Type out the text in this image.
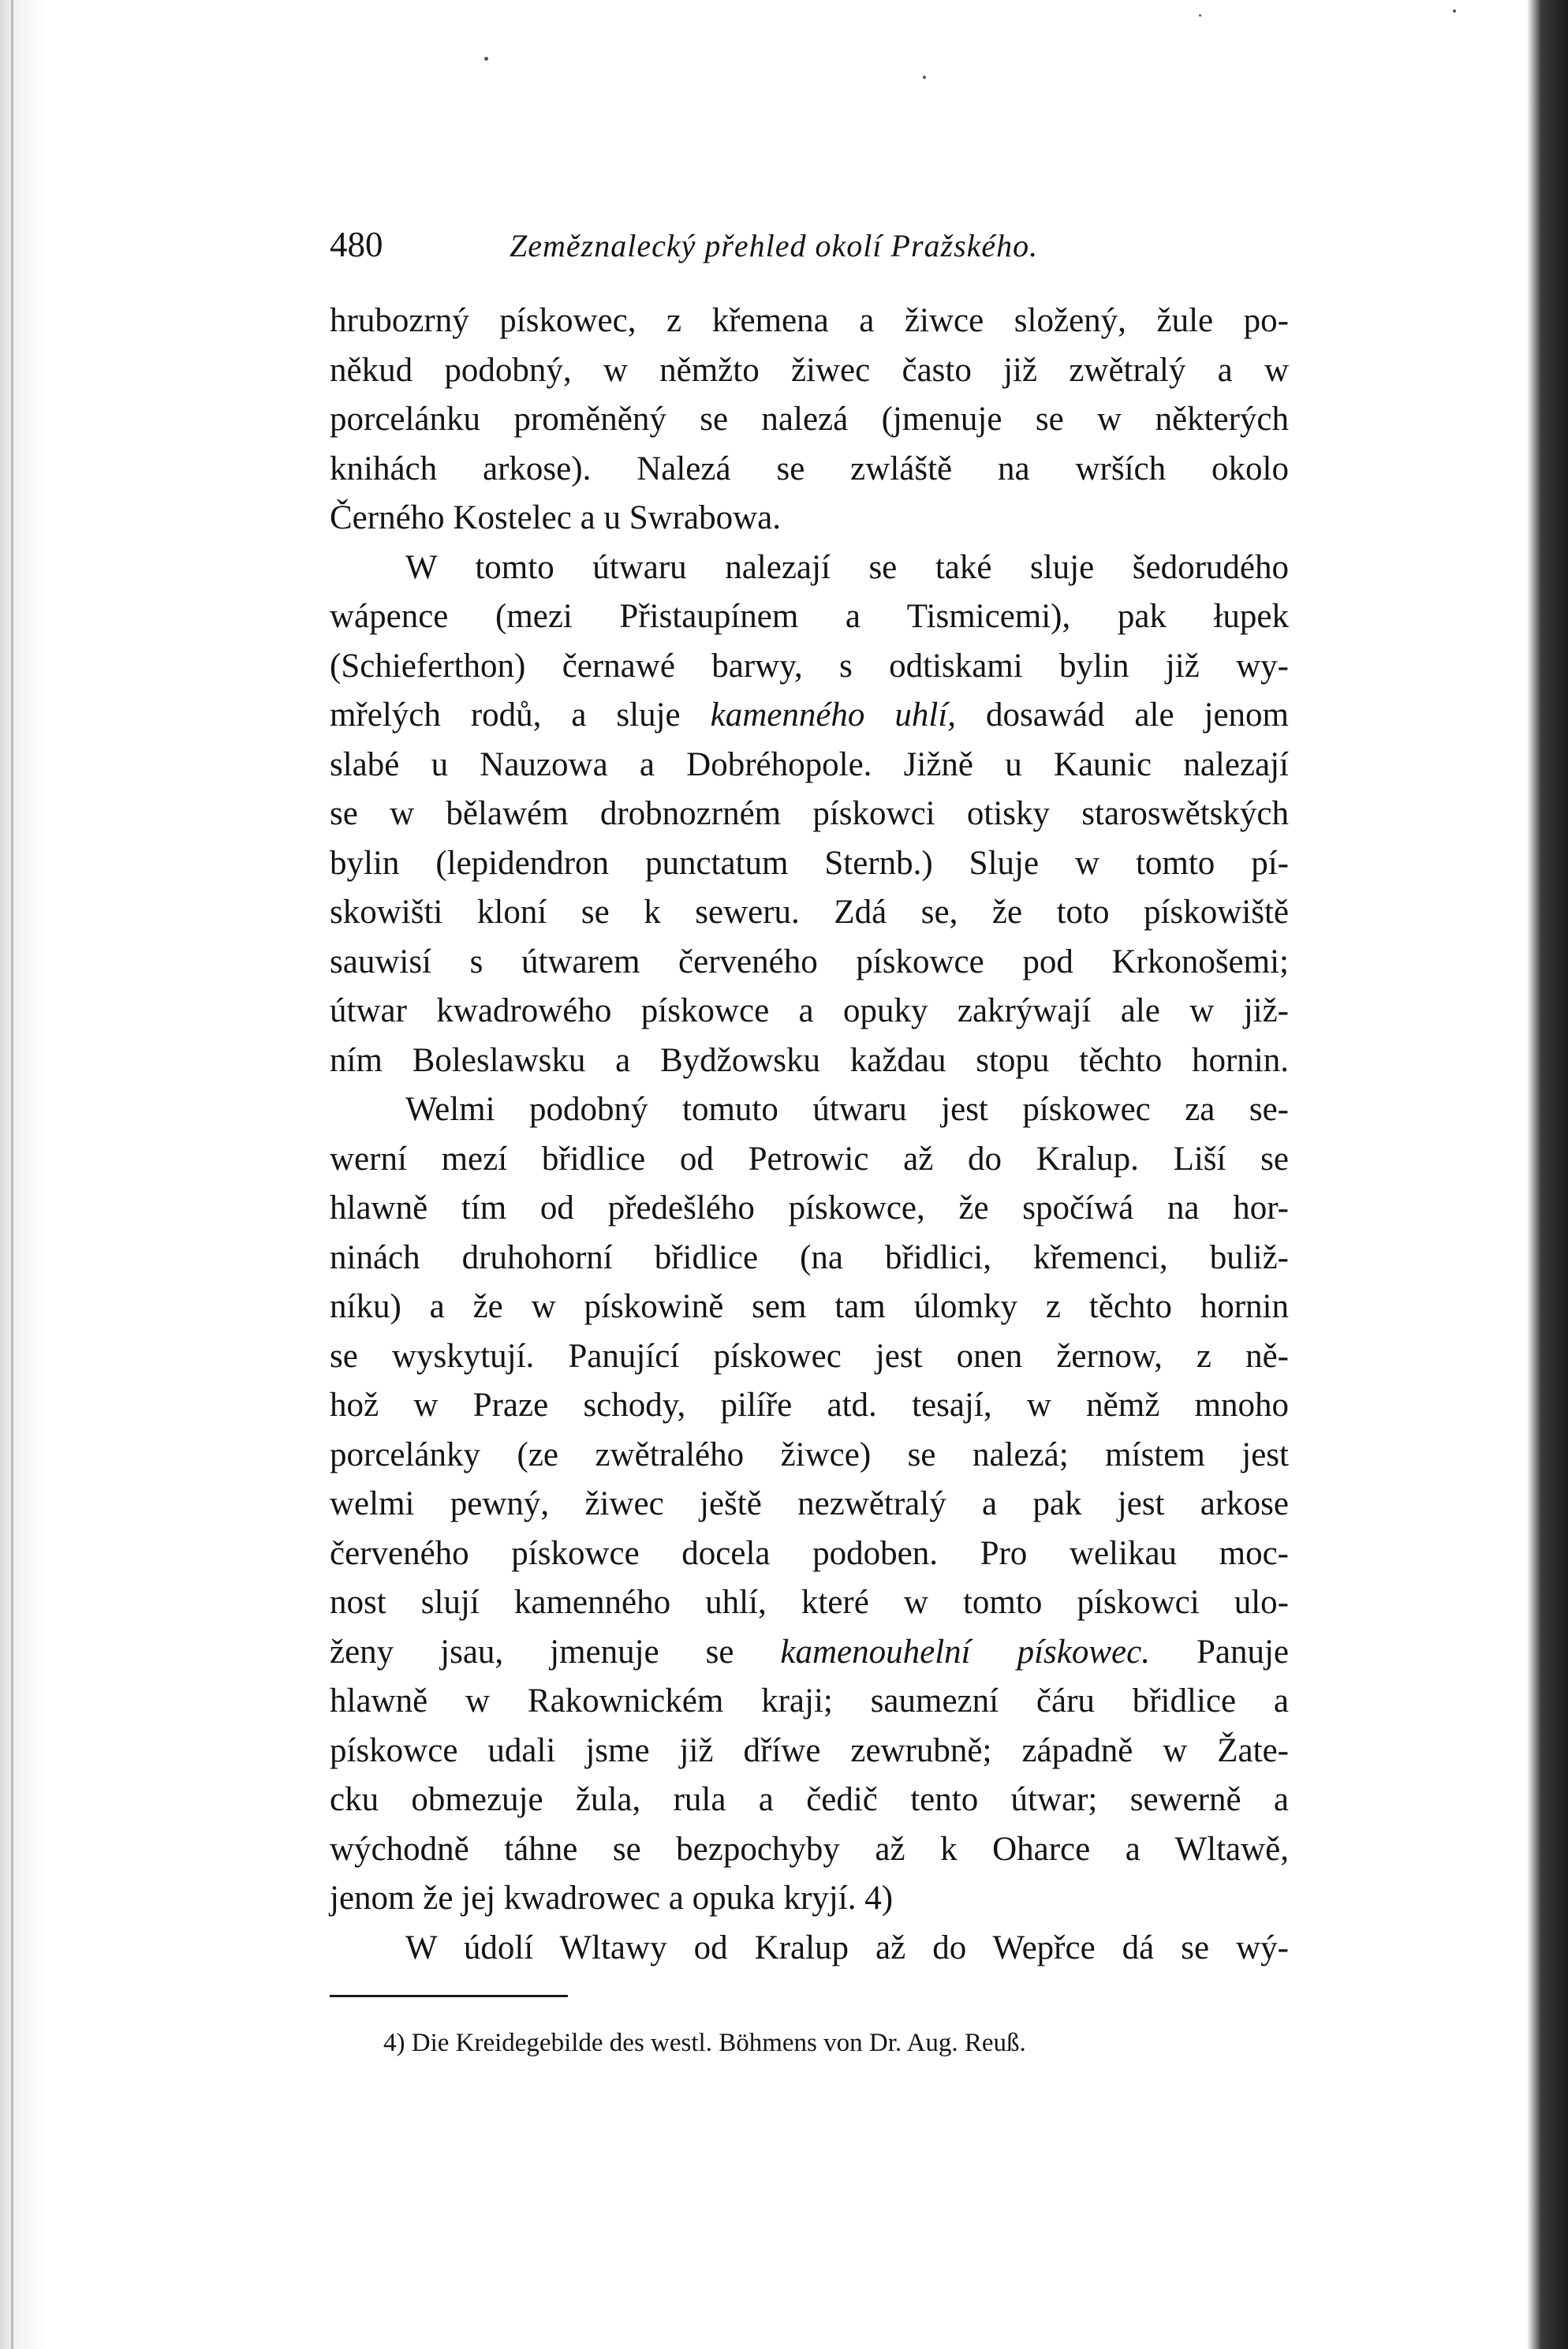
480	Zeměznalecký přehled okolí Pražského.
hrubozrný pískowec, z křemena a žiwce složený, žule po-
někud podobný, w němžto žiwec často již zwětralý a w
porcelánku proměněný se nalezá (jmenuje se w některých
knihách arkose). Nalezá se zwláště na wrších okolo
Černého Kostelec a u Swrabowa.
W tomto útwaru nalezají se také sluje šedorudého
wápence (mezi Přistaupínem a Tismicemi), pak łupek
(Schieferthon) černawé barwy, s odtiskami bylin již wy-
mřelých rodů, a sluje kamenného uhlí, dosawád ale jenom
slabé u Nauzowa a Dobréhopole. Jižně u Kaunic nalezají
se w bělawém drobnozrném pískowci otisky staroswětských
bylin (lepidendron punctatum Sternb.) Sluje w tomto pí-
skowišti kloní se k seweru. Zdá se, že toto pískowiště
sauwisí s útwarem červeného pískowce pod Krkonošemi;
útwar kwadrowého pískowce a opuky zakrýwají ale w již-
ním Boleslawsku a Bydžowsku každau stopu těchto hornin.
Welmi podobný tomuto útwaru jest pískowec za se-
werní mezí břidlice od Petrowic až do Kralup. Liší se
hlawně tím od předešlého pískowce, že spočíwá na hor-
ninách druhohorní břidlice (na břidlici, křemenci, buliž-
níku) a že w pískowině sem tam úlomky z těchto hornin
se wyskytují. Panující pískowec jest onen žernow, z ně-
hož w Praze schody, pilíře atd. tesají, w němž mnoho
porcelánky (ze zwětralého žiwce) se nalezá; místem jest
welmi pewný, žiwec ještě nezwětralý a pak jest arkose
červeného pískowce docela podoben. Pro welikau moc-
nost slují kamenného uhlí, které w tomto pískowci ulo-
ženy jsau, jmenuje se kamenouhelní pískowec. Panuje
hlawně w Rakownickém kraji; saumezní čáru břidlice a
pískowce udali jsme již dříwe zewrubně; západně w Žate-
cku obmezuje žula, rula a čedič tento útwar; sewerně a
wýchodně táhne se bezpochyby až k Oharce a Wltawě,
jenom že jej kwadrowec a opuka kryjí. 4)
W údolí Wltawy od Kralup až do Wepřce dá se wý-
4) Die Kreidegebilde des westl. Böhmens von Dr. Aug. Reuß.
